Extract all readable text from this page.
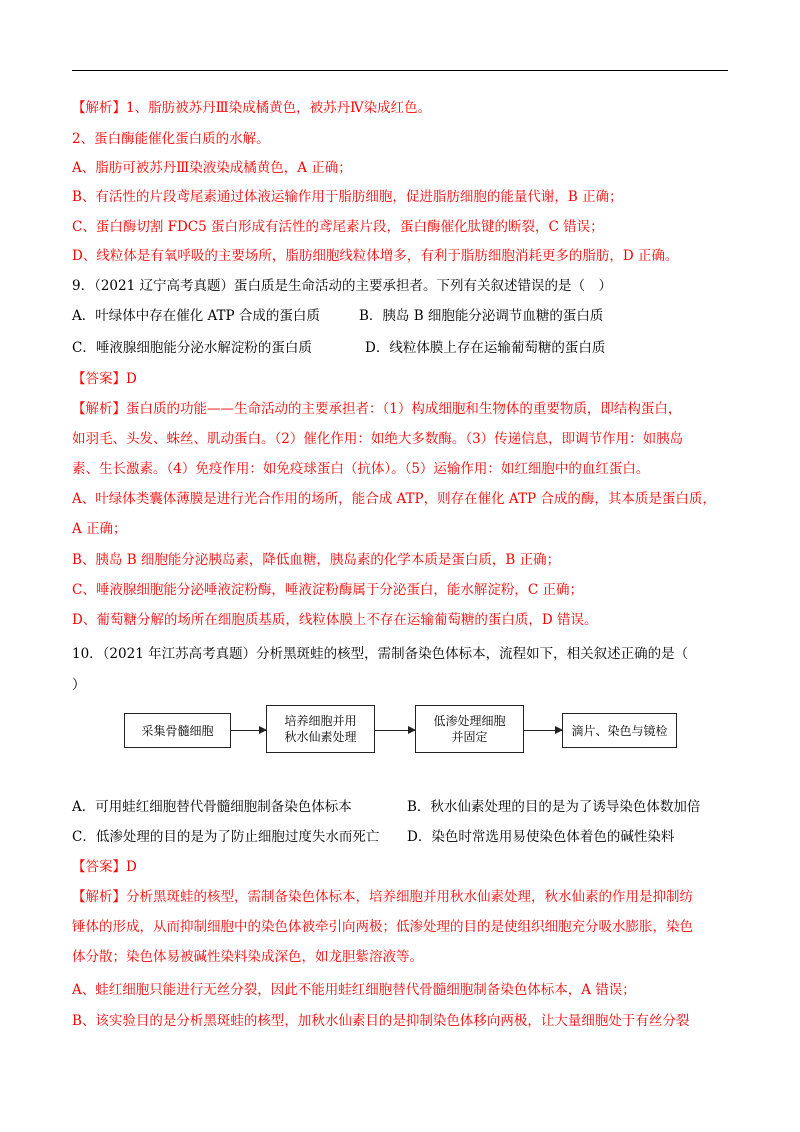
【解析】1、脂肪被苏丹Ⅲ染成橘黄色，被苏丹Ⅳ染成红色。
2、蛋白酶能催化蛋白质的水解。
A、脂肪可被苏丹Ⅲ染液染成橘黄色，A 正确；
B、有活性的片段鸢尾素通过体液运输作用于脂肪细胞，促进脂肪细胞的能量代谢，B 正确；
C、蛋白酶切割 FDC5 蛋白形成有活性的鸢尾素片段，蛋白酶催化肽键的断裂，C 错误；
D、线粒体是有氧呼吸的主要场所，脂肪细胞线粒体增多，有利于脂肪细胞消耗更多的脂肪，D 正确。
9．（2021 辽宁高考真题）蛋白质是生命活动的主要承担者。下列有关叙述错误的是（　）
A．叶绿体中存在催化 ATP 合成的蛋白质	B．胰岛 B 细胞能分泌调节血糖的蛋白质
C．唾液腺细胞能分泌水解淀粉的蛋白质	D．线粒体膜上存在运输葡萄糖的蛋白质
【答案】D
【解析】蛋白质的功能——生命活动的主要承担者：（1）构成细胞和生物体的重要物质，即结构蛋白，
如羽毛、头发、蛛丝、肌动蛋白。（2）催化作用：如绝大多数酶。（3）传递信息，即调节作用：如胰岛
素、生长激素。（4）免疫作用：如免疫球蛋白（抗体）。（5）运输作用：如红细胞中的血红蛋白。
A、叶绿体类囊体薄膜是进行光合作用的场所，能合成 ATP，则存在催化 ATP 合成的酶，其本质是蛋白质，
A 正确；
B、胰岛 B 细胞能分泌胰岛素，降低血糖，胰岛素的化学本质是蛋白质，B 正确；
C、唾液腺细胞能分泌唾液淀粉酶，唾液淀粉酶属于分泌蛋白，能水解淀粉，C 正确；
D、葡萄糖分解的场所在细胞质基质，线粒体膜上不存在运输葡萄糖的蛋白质，D 错误。
10．（2021 年江苏高考真题）分析黑斑蛙的核型，需制备染色体标本，流程如下，相关叙述正确的是（
）
采集骨髓细胞
培养细胞并用
秋水仙素处理
低渗处理细胞
并固定	滴片、染色与镜检
A．可用蛙红细胞替代骨髓细胞制备染色体标本	B．秋水仙素处理的目的是为了诱导染色体数加倍
C．低渗处理的目的是为了防止细胞过度失水而死亡 D．染色时常选用易使染色体着色的碱性染料
【答案】D
【解析】分析黑斑蛙的核型，需制备染色体标本，培养细胞并用秋水仙素处理，秋水仙素的作用是抑制纺
锤体的形成，从而抑制细胞中的染色体被牵引向两极；低渗处理的目的是使组织细胞充分吸水膨胀，染色
体分散；染色体易被碱性染料染成深色，如龙胆紫溶液等。
A、蛙红细胞只能进行无丝分裂，因此不能用蛙红细胞替代骨髓细胞制备染色体标本，A 错误；
B、该实验目的是分析黑斑蛙的核型，加秋水仙素目的是抑制染色体移向两极，让大量细胞处于有丝分裂
